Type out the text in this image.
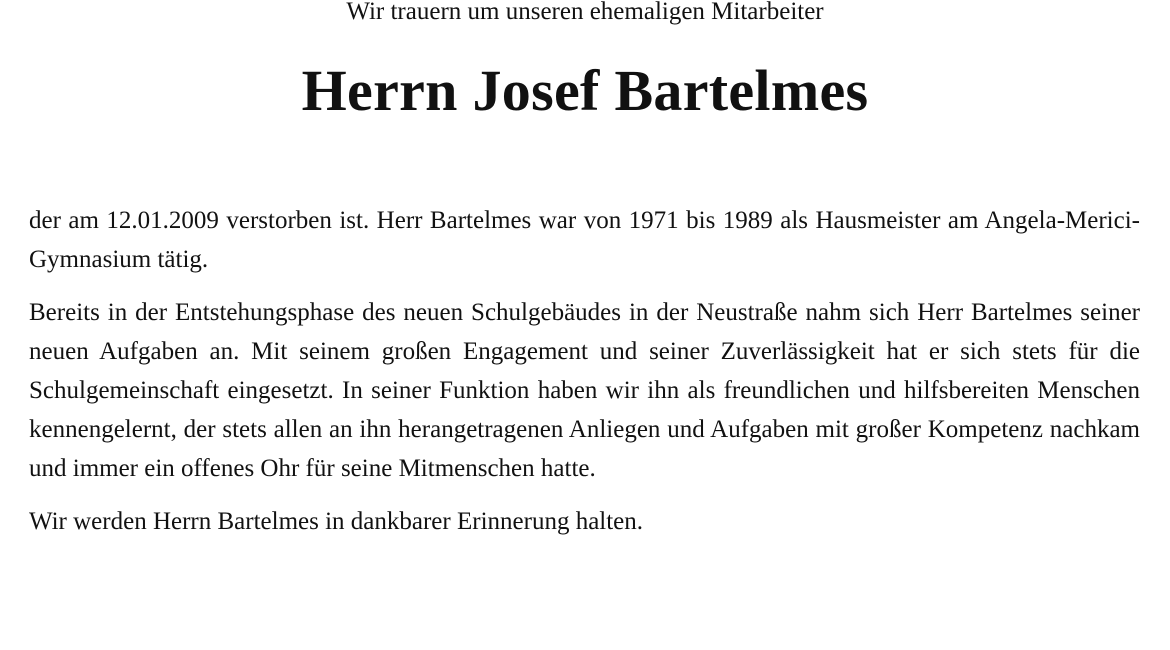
Wir trauern um unseren ehemaligen Mitarbeiter
Herrn Josef Bartelmes

der am 12.01.2009 verstorben ist. Herr Bartelmes war von 1971 bis 1989 als Hausmeister am Angela-Merici-Gymnasium tätig.

Bereits in der Entstehungsphase des neuen Schulgebäudes in der Neustraße nahm sich Herr Bartelmes seiner neuen Aufgaben an. Mit seinem großen Engagement und seiner Zuverlässigkeit hat er sich stets für die Schulgemeinschaft eingesetzt. In seiner Funktion haben wir ihn als freundlichen und hilfsbereiten Menschen kennengelernt, der stets allen an ihn herangetragenen Anliegen und Aufgaben mit großer Kompetenz nachkam und immer ein offenes Ohr für seine Mitmenschen hatte.

Wir werden Herrn Bartelmes in dankbarer Erinnerung halten.
